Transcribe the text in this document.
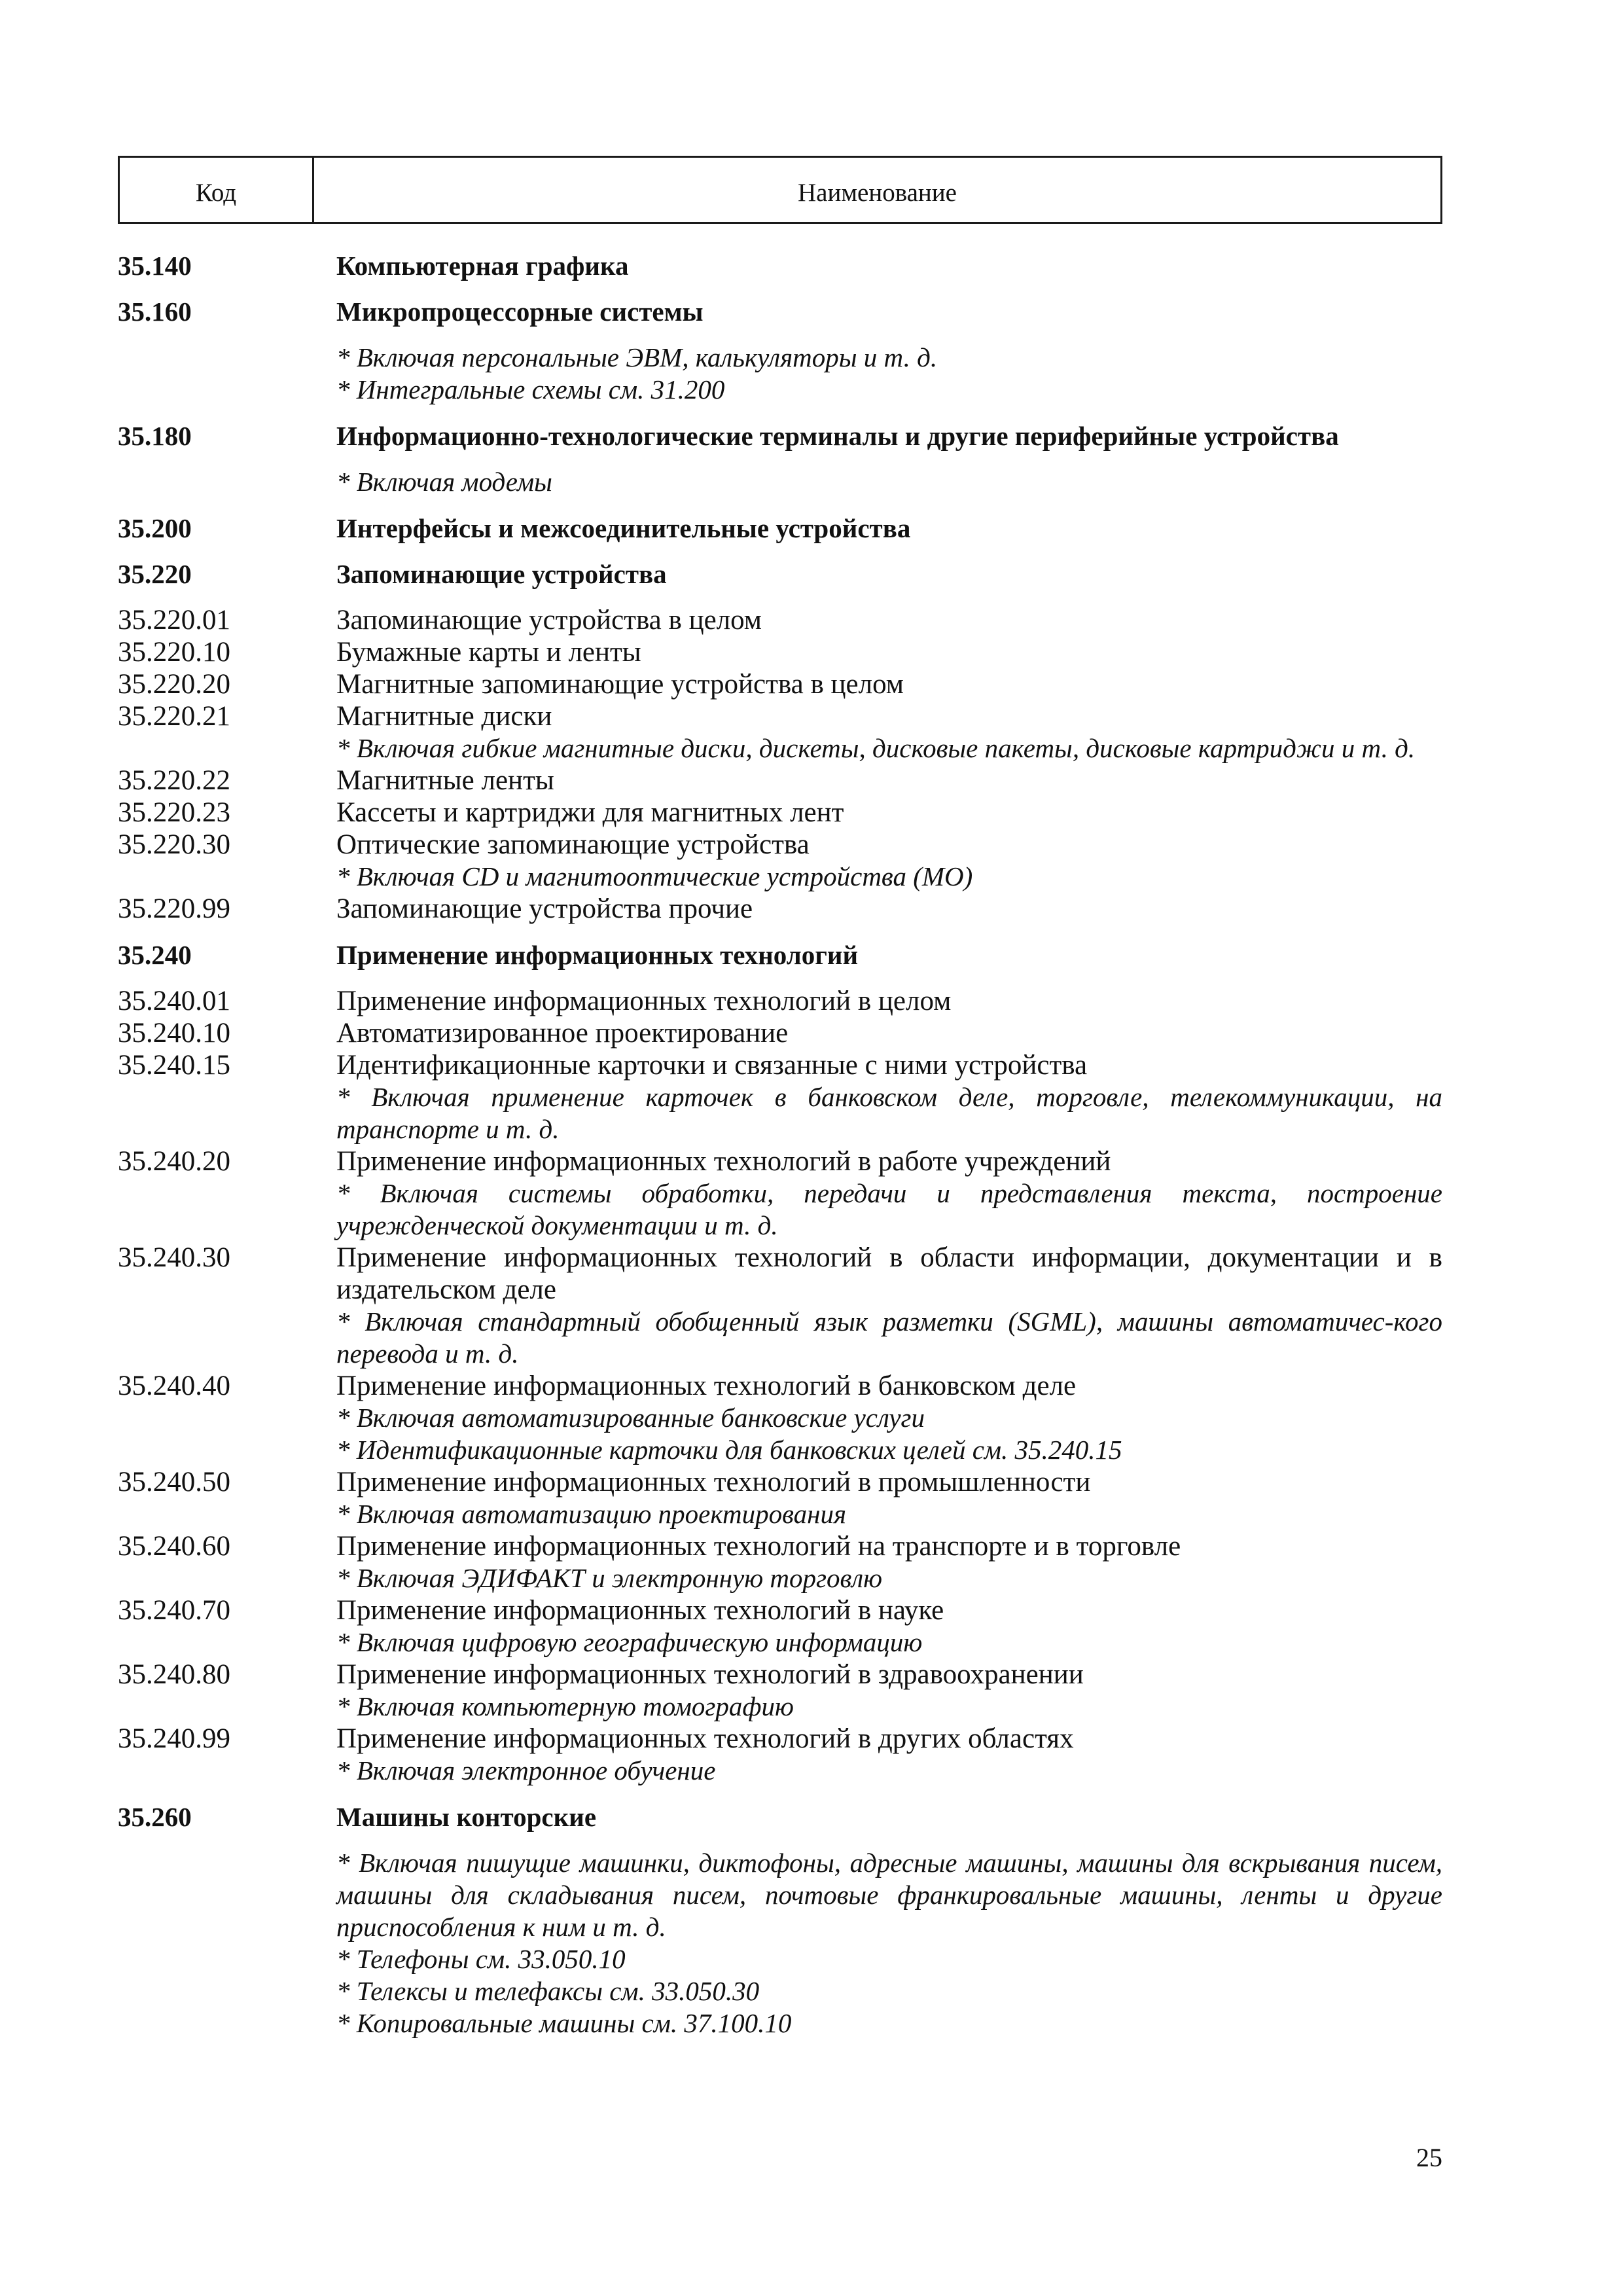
Код	Наименование
35.140	Компьютерная графика
35.160	Микропроцессорные системы
* Включая персональные ЭВМ, калькуляторы и т. д.
* Интегральные схемы см. 31.200
35.180	Информационно-технологические терминалы и другие периферийные устройства
* Включая модемы
35.200	Интерфейсы и межсоединительные устройства
35.220	Запоминающие устройства
35.220.01	Запоминающие устройства в целом
35.220.10	Бумажные карты и ленты
35.220.20	Магнитные запоминающие устройства в целом
35.220.21	Магнитные диски
* Включая гибкие магнитные диски, дискеты, дисковые пакеты, дисковые картриджи и т. д.
35.220.22	Магнитные ленты
35.220.23	Кассеты и картриджи для магнитных лент
35.220.30	Оптические запоминающие устройства
* Включая CD и магнитооптические устройства (MO)
35.220.99	Запоминающие устройства прочие
35.240	Применение информационных технологий
35.240.01	Применение информационных технологий в целом
35.240.10	Автоматизированное проектирование
35.240.15	Идентификационные карточки и связанные с ними устройства
* Включая применение карточек в банковском деле, торговле, телекоммуникации, на транспорте и т. д.
35.240.20	Применение информационных технологий в работе учреждений
* Включая системы обработки, передачи и представления текста, построение учрежденческой документации и т. д.
35.240.30	Применение информационных технологий в области информации, документации и в издательском деле
* Включая стандартный обобщенный язык разметки (SGML), машины автоматичес-кого перевода и т. д.
35.240.40	Применение информационных технологий в банковском деле
* Включая автоматизированные банковские услуги
* Идентификационные карточки для банковских целей см. 35.240.15
35.240.50	Применение информационных технологий в промышленности
* Включая автоматизацию проектирования
35.240.60	Применение информационных технологий на транспорте и в торговле
* Включая ЭДИФАКТ и электронную торговлю
35.240.70	Применение информационных технологий в науке
* Включая цифровую географическую информацию
35.240.80	Применение информационных технологий в здравоохранении
* Включая компьютерную томографию
35.240.99	Применение информационных технологий в других областях
* Включая электронное обучение
35.260	Машины конторские
* Включая пишущие машинки, диктофоны, адресные машины, машины для вскрывания писем, машины для складывания писем, почтовые франкировальные машины, ленты и другие приспособления к ним и т. д.
* Телефоны см. 33.050.10
* Телексы и телефаксы см. 33.050.30
* Копировальные машины см. 37.100.10
25
